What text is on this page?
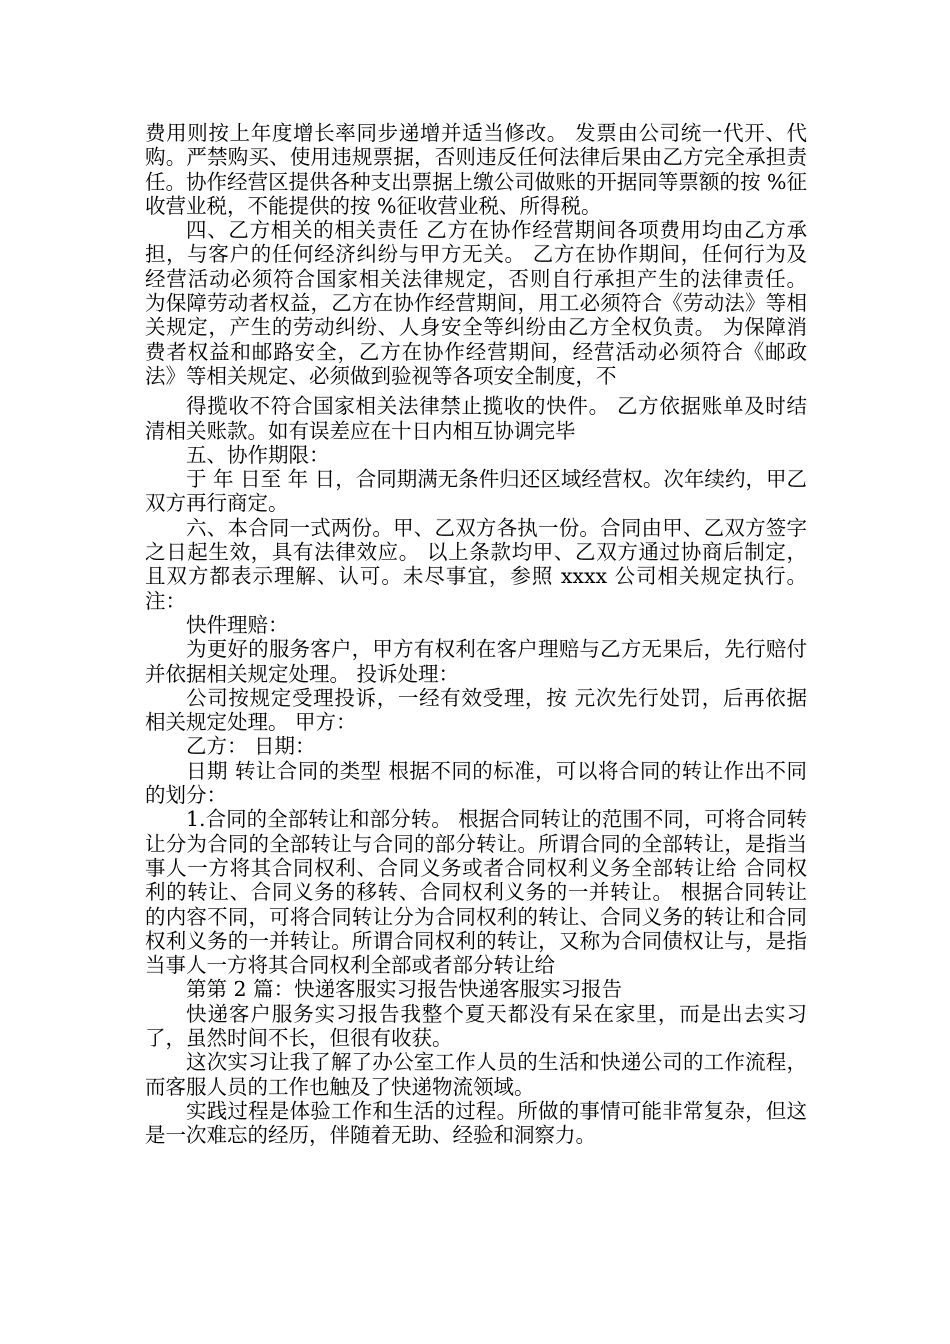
费用则按上年度增长率同步递增并适当修改。 发票由公司统一代开、代购。严禁购买、使用违规票据，否则违反任何法律后果由乙方完全承担责任。协作经营区提供各种支出票据上缴公司做账的开据同等票额的按 %征收营业税，不能提供的按 %征收营业税、所得税。

四、乙方相关的相关责任 乙方在协作经营期间各项费用均由乙方承担，与客户的任何经济纠纷与甲方无关。 乙方在协作期间，任何行为及经营活动必须符合国家相关法律规定，否则自行承担产生的法律责任。 为保障劳动者权益，乙方在协作经营期间，用工必须符合《劳动法》等相关规定，产生的劳动纠纷、人身安全等纠纷由乙方全权负责。 为保障消费者权益和邮路安全，乙方在协作经营期间，经营活动必须符合《邮政法》等相关规定、必须做到验视等各项安全制度，不

得揽收不符合国家相关法律禁止揽收的快件。 乙方依据账单及时结清相关账款。如有误差应在十日内相互协调完毕

五、协作期限：

于 年 日至 年 日，合同期满无条件归还区域经营权。次年续约，甲乙双方再行商定。

六、本合同一式两份。甲、乙双方各执一份。合同由甲、乙双方签字之日起生效，具有法律效应。 以上条款均甲、乙双方通过协商后制定，且双方都表示理解、认可。未尽事宜，参照 xxxx 公司相关规定执行。 注：

快件理赔：

为更好的服务客户，甲方有权利在客户理赔与乙方无果后，先行赔付并依据相关规定处理。 投诉处理：

公司按规定受理投诉，一经有效受理，按 元次先行处罚，后再依据相关规定处理。 甲方：

乙方： 日期：

日期 转让合同的类型 根据不同的标准，可以将合同的转让作出不同的划分：

1.合同的全部转让和部分转。 根据合同转让的范围不同，可将合同转让分为合同的全部转让与合同的部分转让。所谓合同的全部转让，是指当事人一方将其合同权利、合同义务或者合同权利义务全部转让给 合同权利的转让、合同义务的移转、合同权利义务的一并转让。 根据合同转让的内容不同，可将合同转让分为合同权利的转让、合同义务的转让和合同权利义务的一并转让。所谓合同权利的转让，又称为合同债权让与，是指当事人一方将其合同权利全部或者部分转让给

第第 2 篇：快递客服实习报告快递客服实习报告

快递客户服务实习报告我整个夏天都没有呆在家里，而是出去实习了，虽然时间不长，但很有收获。

这次实习让我了解了办公室工作人员的生活和快递公司的工作流程，而客服人员的工作也触及了快递物流领域。

实践过程是体验工作和生活的过程。所做的事情可能非常复杂，但这是一次难忘的经历，伴随着无助、经验和洞察力。
